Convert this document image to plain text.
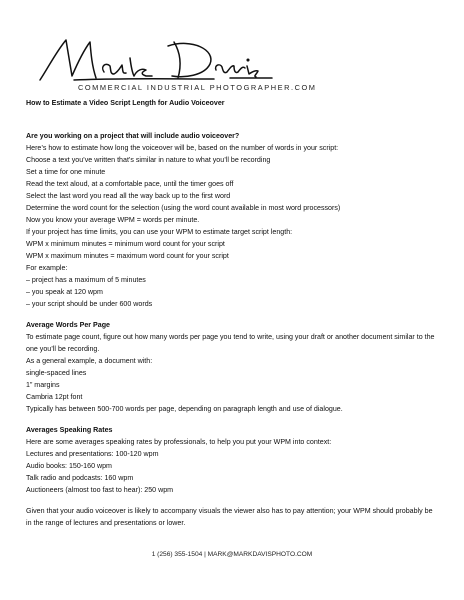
COMMERCIAL INDUSTRIAL PHOTOGRAPHER.COM

How to Estimate a Video Script Length for Audio Voiceover

Are you working on a project that will include audio voiceover?

Here’s how to estimate how long the voiceover will be, based on the number of words in your script:

Choose a text you’ve written that’s similar in nature to what you’ll be recording

Set a time for one minute

Read the text aloud, at a comfortable pace, until the timer goes off

Select the last word you read all the way back up to the first word

Determine the word count for the selection (using the word count available in most word processors)

Now you know your average WPM = words per minute.

If your project has time limits, you can use your WPM to estimate target script length:

WPM x minimum minutes = minimum word count for your script

WPM x maximum minutes = maximum word count for your script

For example:

– project has a maximum of 5 minutes

– you speak at 120 wpm

– your script should be under 600 words

Average Words Per Page

To estimate page count, figure out how many words per page you tend to write, using your draft or another document similar to the one you’ll be recording.

As a general example, a document with:

single-spaced lines

1” margins

Cambria 12pt font

Typically has between 500-700 words per page, depending on paragraph length and use of dialogue.

Averages Speaking Rates

Here are some averages speaking rates by professionals, to help you put your WPM into context:

Lectures and presentations: 100-120 wpm

Audio books: 150-160 wpm

Talk radio and podcasts: 160 wpm

Auctioneers (almost too fast to hear): 250 wpm

Given that your audio voiceover is likely to accompany visuals the viewer also has to pay attention; your WPM should probably be in the range of lectures and presentations or lower.

1 (256) 355-1504 | MARK@MARKDAVISPHOTO.COM
